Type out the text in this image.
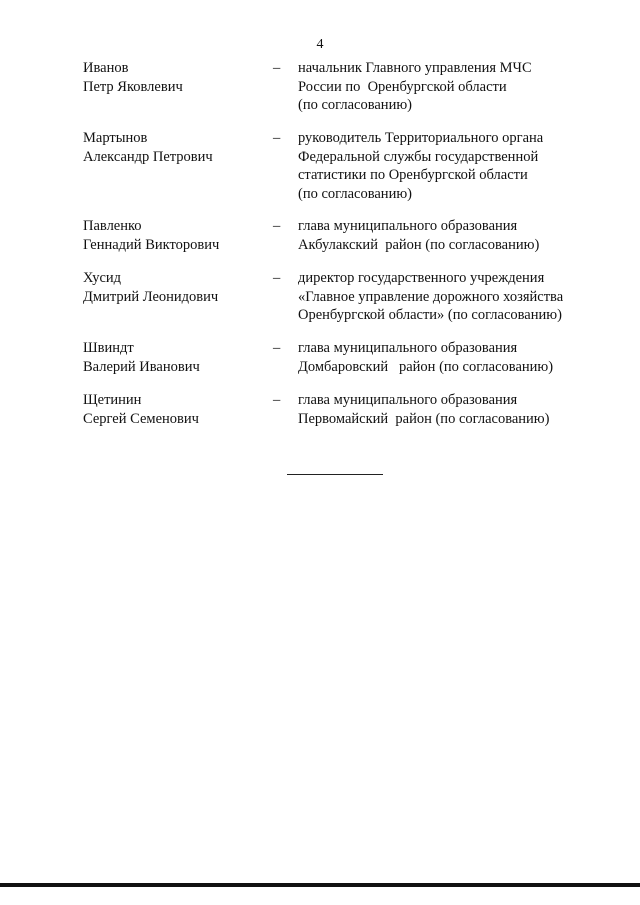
4
Иванов
Петр Яковлевич
– начальник Главного управления МЧС
России по  Оренбургской области
(по согласованию)
Мартынов
Александр Петрович
– руководитель Территориального органа
Федеральной службы государственной
статистики по Оренбургской области
(по согласованию)
Павленко
Геннадий Викторович
– глава муниципального образования
Акбулакский  район (по согласованию)
Хусид
Дмитрий Леонидович
– директор государственного учреждения
«Главное управление дорожного хозяйства
Оренбургской области» (по согласованию)
Швиндт
Валерий Иванович
– глава муниципального образования
Домбаровский   район (по согласованию)
Щетинин
Сергей Семенович
– глава муниципального образования
Первомайский  район (по согласованию)
